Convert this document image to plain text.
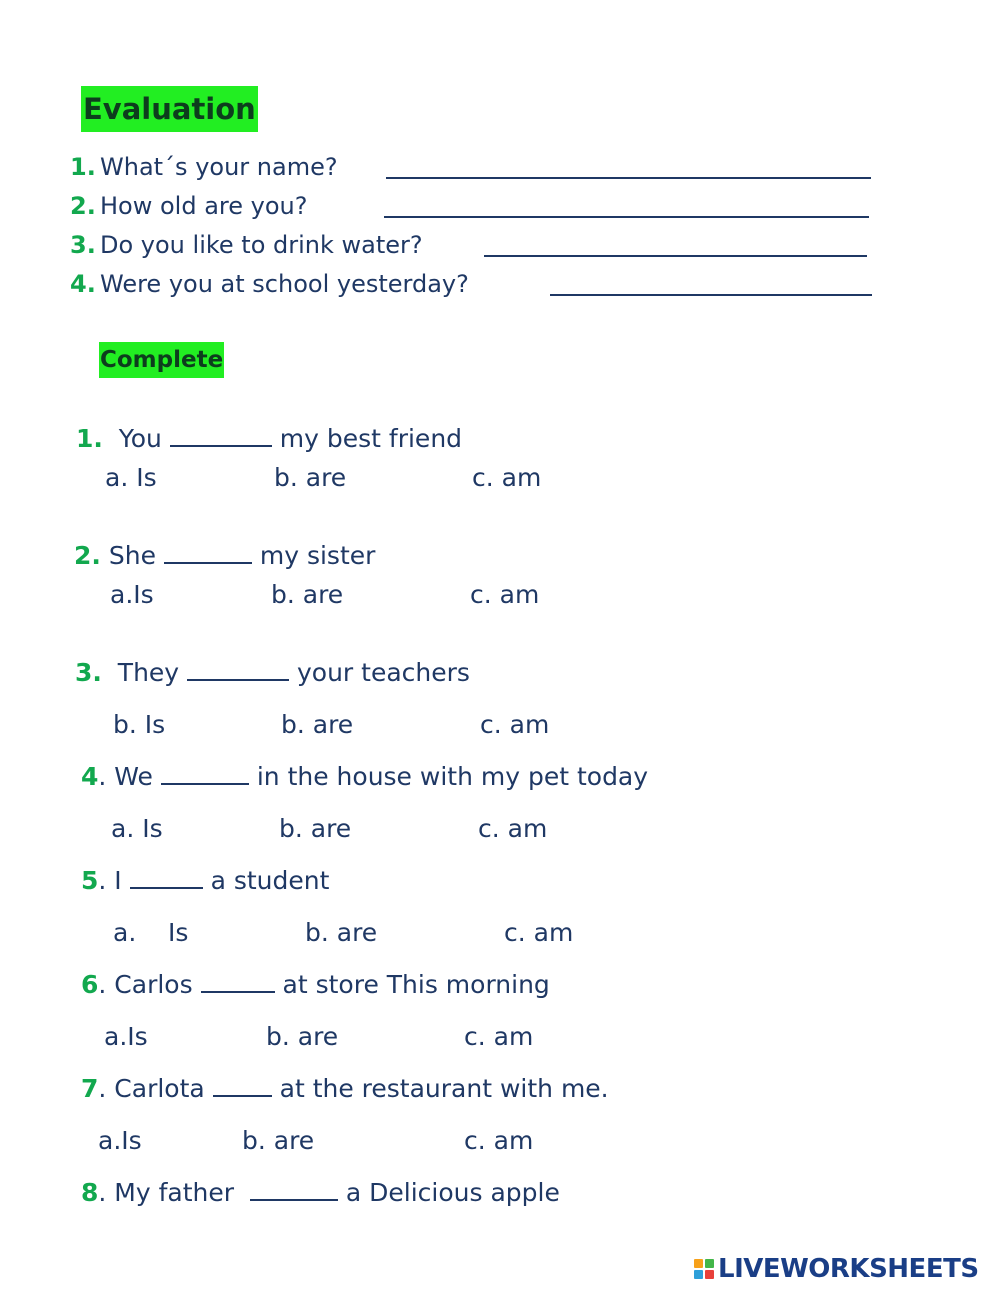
Evaluation
1. What´s your name?
2. How old are you?
3. Do you like to drink water?
4. Were you at school yesterday?
Complete
1.  You	my best friend
a. Is	b. are	c. am
2. She	my sister
a.Is	b. are	c. am
3.  They	your teachers
b. Is	b. are	c. am
4. We	in the house with my pet today
a. Is	b. are	c. am
5. I	a student
a.    Is	b. are	c. am
6. Carlos	at store This morning
a.Is	b. are	c. am
7. Carlota  at the restaurant with me.
a.Is	b. are	c. am
8. My father	a Delicious apple
LIVEWORKSHEETS
